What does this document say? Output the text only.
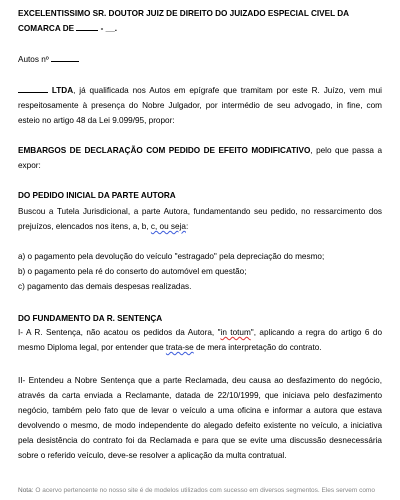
EXCELENTISSIMO SR. DOUTOR JUIZ DE DIREITO DO JUIZADO ESPECIAL CIVEL DA
COMARCA DE	- __.
Autos nº
LTDA, já qualificada nos Autos em epígrafe que tramitam por este R. Juízo, vem mui respeitosamente à presença do Nobre Julgador, por intermédio de seu advogado, in fine, com esteio no artigo 48 da Lei 9.099/95, propor:
EMBARGOS DE DECLARAÇÃO COM PEDIDO DE EFEITO MODIFICATIVO, pelo que passa a expor:
DO PEDIDO INICIAL DA PARTE AUTORA
Buscou a Tutela Jurisdicional, a parte Autora, fundamentando seu pedido, no ressarcimento dos prejuízos, elencados nos itens, a, b, c, ou seja:
a) o pagamento pela devolução do veículo "estragado" pela depreciação do mesmo;
b) o pagamento pela ré do conserto do automóvel em questão;
c) pagamento das demais despesas realizadas.
DO FUNDAMENTO DA R. SENTENÇA
I- A R. Sentença, não acatou os pedidos da Autora, "in totum", aplicando a regra do artigo 6 do mesmo Diploma legal, por entender que trata-se de mera interpretação do contrato.
II- Entendeu a Nobre Sentença que a parte Reclamada, deu causa ao desfazimento do negócio, através da carta enviada a Reclamante, datada de 22/10/1999, que iniciava pelo desfazimento negócio, também pelo fato que de levar o veículo a uma oficina e informar a autora que estava devolvendo o mesmo, de modo independente do alegado defeito existente no veículo, a iniciativa pela desistência do contrato foi da Reclamada e para que se evite uma discussão desnecessária sobre o referido veículo, deve-se resolver a aplicação da multa contratual.
Nota: O acervo pertencente no nosso site é de modelos utilizados com sucesso em diversos segmentos. Eles servem como
